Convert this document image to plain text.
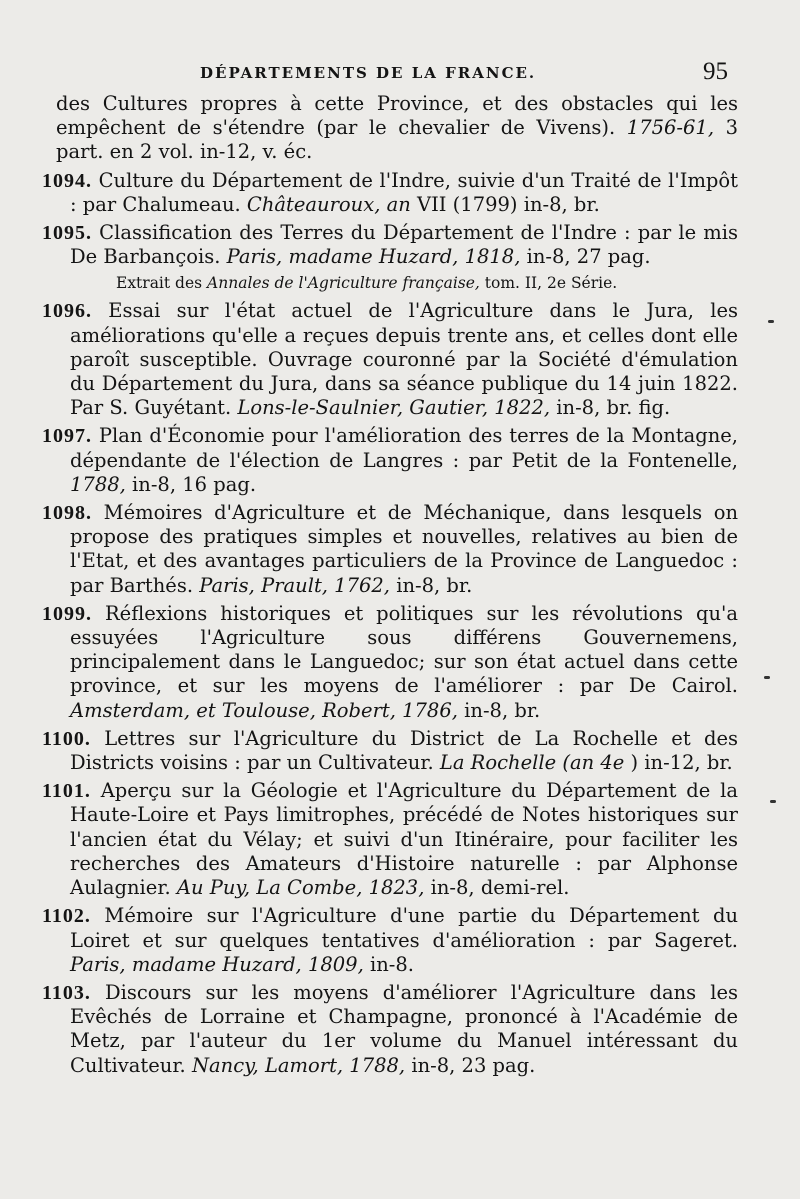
DÉPARTEMENTS DE LA FRANCE.	95

des Cultures propres à cette Province, et des obstacles qui les empêchent de s'étendre (par le chevalier de Vivens). 1756-61, 3 part. en 2 vol. in-12, v. éc.

1094. Culture du Département de l'Indre, suivie d'un Traité de l'Impôt : par Chalumeau. Châteauroux, an VII (1799) in-8, br.

1095. Classification des Terres du Département de l'Indre : par le mis De Barbançois. Paris, madame Huzard, 1818, in-8, 27 pag.

Extrait des Annales de l'Agriculture française, tom. II, 2e Série.

1096. Essai sur l'état actuel de l'Agriculture dans le Jura, les améliorations qu'elle a reçues depuis trente ans, et celles dont elle paroît susceptible. Ouvrage couronné par la Société d'émulation du Département du Jura, dans sa séance publique du 14 juin 1822. Par S. Guyétant. Lons-le-Saulnier, Gautier, 1822, in-8, br. fig.

1097. Plan d'Économie pour l'amélioration des terres de la Montagne, dépendante de l'élection de Langres : par Petit de la Fontenelle, 1788, in-8, 16 pag.

1098. Mémoires d'Agriculture et de Méchanique, dans lesquels on propose des pratiques simples et nouvelles, relatives au bien de l'Etat, et des avantages particuliers de la Province de Languedoc : par Barthés. Paris, Prault, 1762, in-8, br.

1099. Réflexions historiques et politiques sur les révolutions qu'a essuyées l'Agriculture sous différens Gouvernemens, principalement dans le Languedoc; sur son état actuel dans cette province, et sur les moyens de l'améliorer : par De Cairol. Amsterdam, et Toulouse, Robert, 1786, in-8, br.

1100. Lettres sur l'Agriculture du District de La Rochelle et des Districts voisins : par un Cultivateur. La Rochelle (an 4e ) in-12, br.

1101. Aperçu sur la Géologie et l'Agriculture du Département de la Haute-Loire et Pays limitrophes, précédé de Notes historiques sur l'ancien état du Vélay; et suivi d'un Itinéraire, pour faciliter les recherches des Amateurs d'Histoire naturelle : par Alphonse Aulagnier. Au Puy, La Combe, 1823, in-8, demi-rel.

1102. Mémoire sur l'Agriculture d'une partie du Département du Loiret et sur quelques tentatives d'amélioration : par Sageret. Paris, madame Huzard, 1809, in-8.

1103. Discours sur les moyens d'améliorer l'Agriculture dans les Evêchés de Lorraine et Champagne, prononcé à l'Académie de Metz, par l'auteur du 1er volume du Manuel intéressant du Cultivateur. Nancy, Lamort, 1788, in-8, 23 pag.
